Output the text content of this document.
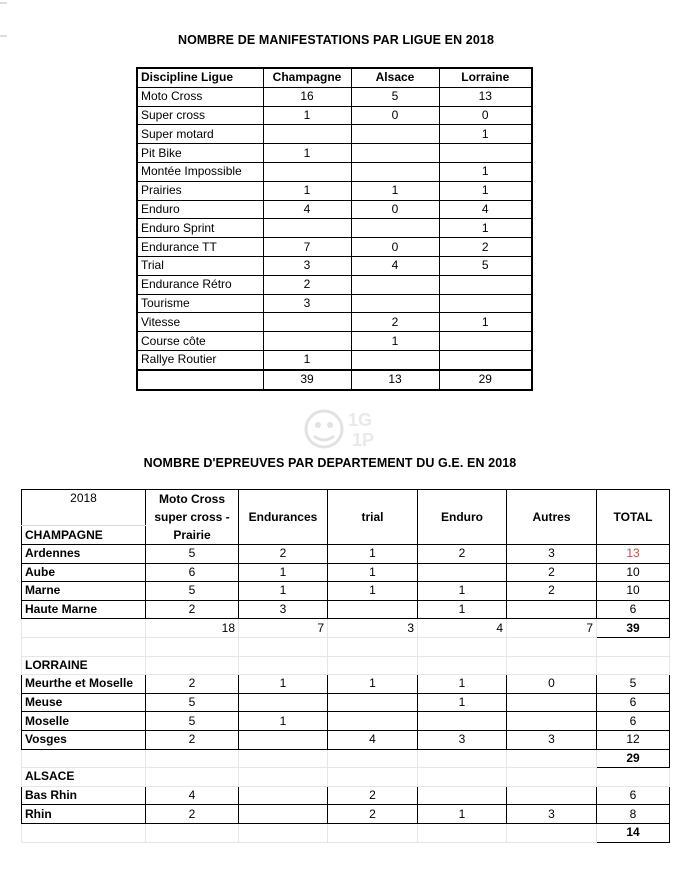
NOMBRE DE MANIFESTATIONS PAR LIGUE EN 2018
Discipline Ligue	Champagne	Alsace	Lorraine
Moto Cross	16	5	13
Super cross	1	0	0
Super motard			1
Pit Bike	1		
Montée Impossible			1
Prairies	1	1	1
Enduro	4	0	4
Enduro Sprint			1
Endurance TT	7	0	2
Trial	3	4	5
Endurance Rétro	2		
Tourisme	3		
Vitesse		2	1
Course côte		1	
Rallye Routier	1		
	39	13	29
1G
1P
NOMBRE D'EPREUVES PAR DEPARTEMENT DU G.E. EN 2018
2018	Moto Cross
super cross -
Prairie	Endurances	trial	Enduro	Autres	TOTAL

CHAMPAGNE						
Ardennes	5	2	1	2	3	13
Aube	6	1	1		2	10
Marne	5	1	1	1	2	10
Haute Marne	2	3		1		6
	18	7	3	4	7	39

LORRAINE						
Meurthe et Moselle	2	1	1	1	0	5
Meuse	5			1		6
Moselle	5	1				6
Vosges	2		4	3	3	12
						29
ALSACE						
Bas Rhin	4		2			6
Rhin	2		2	1	3	8
						14
